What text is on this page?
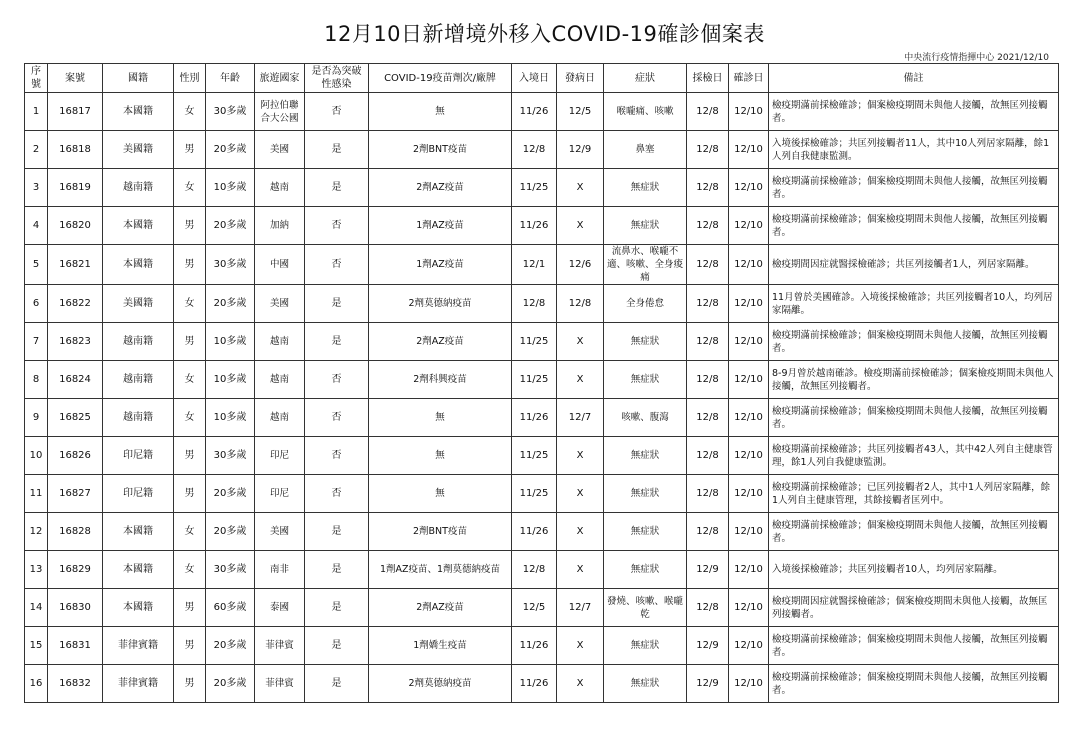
12月10日新增境外移入COVID-19確診個案表
中央流行疫情指揮中心 2021/12/10
序號	案號	國籍	性別	年齡	旅遊國家	是否為突破性感染	COVID-19疫苗劑次/廠牌	入境日	發病日	症狀	採檢日	確診日	備註
1	16817	本國籍	女	30多歲	阿拉伯聯合大公國	否	無	11/26	12/5	喉嚨痛、咳嗽	12/8	12/10	檢疫期滿前採檢確診；個案檢疫期間未與他人接觸，故無匡列接觸者。
2	16818	美國籍	男	20多歲	美國	是	2劑BNT疫苗	12/8	12/9	鼻塞	12/8	12/10	入境後採檢確診；共匡列接觸者11人，其中10人列居家隔離，餘1人列自我健康監測。
3	16819	越南籍	女	10多歲	越南	是	2劑AZ疫苗	11/25	X	無症狀	12/8	12/10	檢疫期滿前採檢確診；個案檢疫期間未與他人接觸，故無匡列接觸者。
4	16820	本國籍	男	20多歲	加納	否	1劑AZ疫苗	11/26	X	無症狀	12/8	12/10	檢疫期滿前採檢確診；個案檢疫期間未與他人接觸，故無匡列接觸者。
5	16821	本國籍	男	30多歲	中國	否	1劑AZ疫苗	12/1	12/6	流鼻水、喉嚨不適、咳嗽、全身痠痛	12/8	12/10	檢疫期間因症就醫採檢確診；共匡列接觸者1人，列居家隔離。
6	16822	美國籍	女	20多歲	美國	是	2劑莫德納疫苗	12/8	12/8	全身倦怠	12/8	12/10	11月曾於美國確診。入境後採檢確診；共匡列接觸者10人，均列居家隔離。
7	16823	越南籍	男	10多歲	越南	是	2劑AZ疫苗	11/25	X	無症狀	12/8	12/10	檢疫期滿前採檢確診；個案檢疫期間未與他人接觸，故無匡列接觸者。
8	16824	越南籍	女	10多歲	越南	否	2劑科興疫苗	11/25	X	無症狀	12/8	12/10	8-9月曾於越南確診。檢疫期滿前採檢確診；個案檢疫期間未與他人接觸，故無匡列接觸者。
9	16825	越南籍	女	10多歲	越南	否	無	11/26	12/7	咳嗽、腹瀉	12/8	12/10	檢疫期滿前採檢確診；個案檢疫期間未與他人接觸，故無匡列接觸者。
10	16826	印尼籍	男	30多歲	印尼	否	無	11/25	X	無症狀	12/8	12/10	檢疫期滿前採檢確診；共匡列接觸者43人，其中42人列自主健康管理，餘1人列自我健康監測。
11	16827	印尼籍	男	20多歲	印尼	否	無	11/25	X	無症狀	12/8	12/10	檢疫期滿前採檢確診；已匡列接觸者2人，其中1人列居家隔離，餘1人列自主健康管理，其餘接觸者匡列中。
12	16828	本國籍	女	20多歲	美國	是	2劑BNT疫苗	11/26	X	無症狀	12/8	12/10	檢疫期滿前採檢確診；個案檢疫期間未與他人接觸，故無匡列接觸者。
13	16829	本國籍	女	30多歲	南非	是	1劑AZ疫苗、1劑莫德納疫苗	12/8	X	無症狀	12/9	12/10	入境後採檢確診；共匡列接觸者10人，均列居家隔離。
14	16830	本國籍	男	60多歲	泰國	是	2劑AZ疫苗	12/5	12/7	發燒、咳嗽、喉嚨乾	12/8	12/10	檢疫期間因症就醫採檢確診；個案檢疫期間未與他人接觸，故無匡列接觸者。
15	16831	菲律賓籍	男	20多歲	菲律賓	是	1劑嬌生疫苗	11/26	X	無症狀	12/9	12/10	檢疫期滿前採檢確診；個案檢疫期間未與他人接觸，故無匡列接觸者。
16	16832	菲律賓籍	男	20多歲	菲律賓	是	2劑莫德納疫苗	11/26	X	無症狀	12/9	12/10	檢疫期滿前採檢確診；個案檢疫期間未與他人接觸，故無匡列接觸者。
